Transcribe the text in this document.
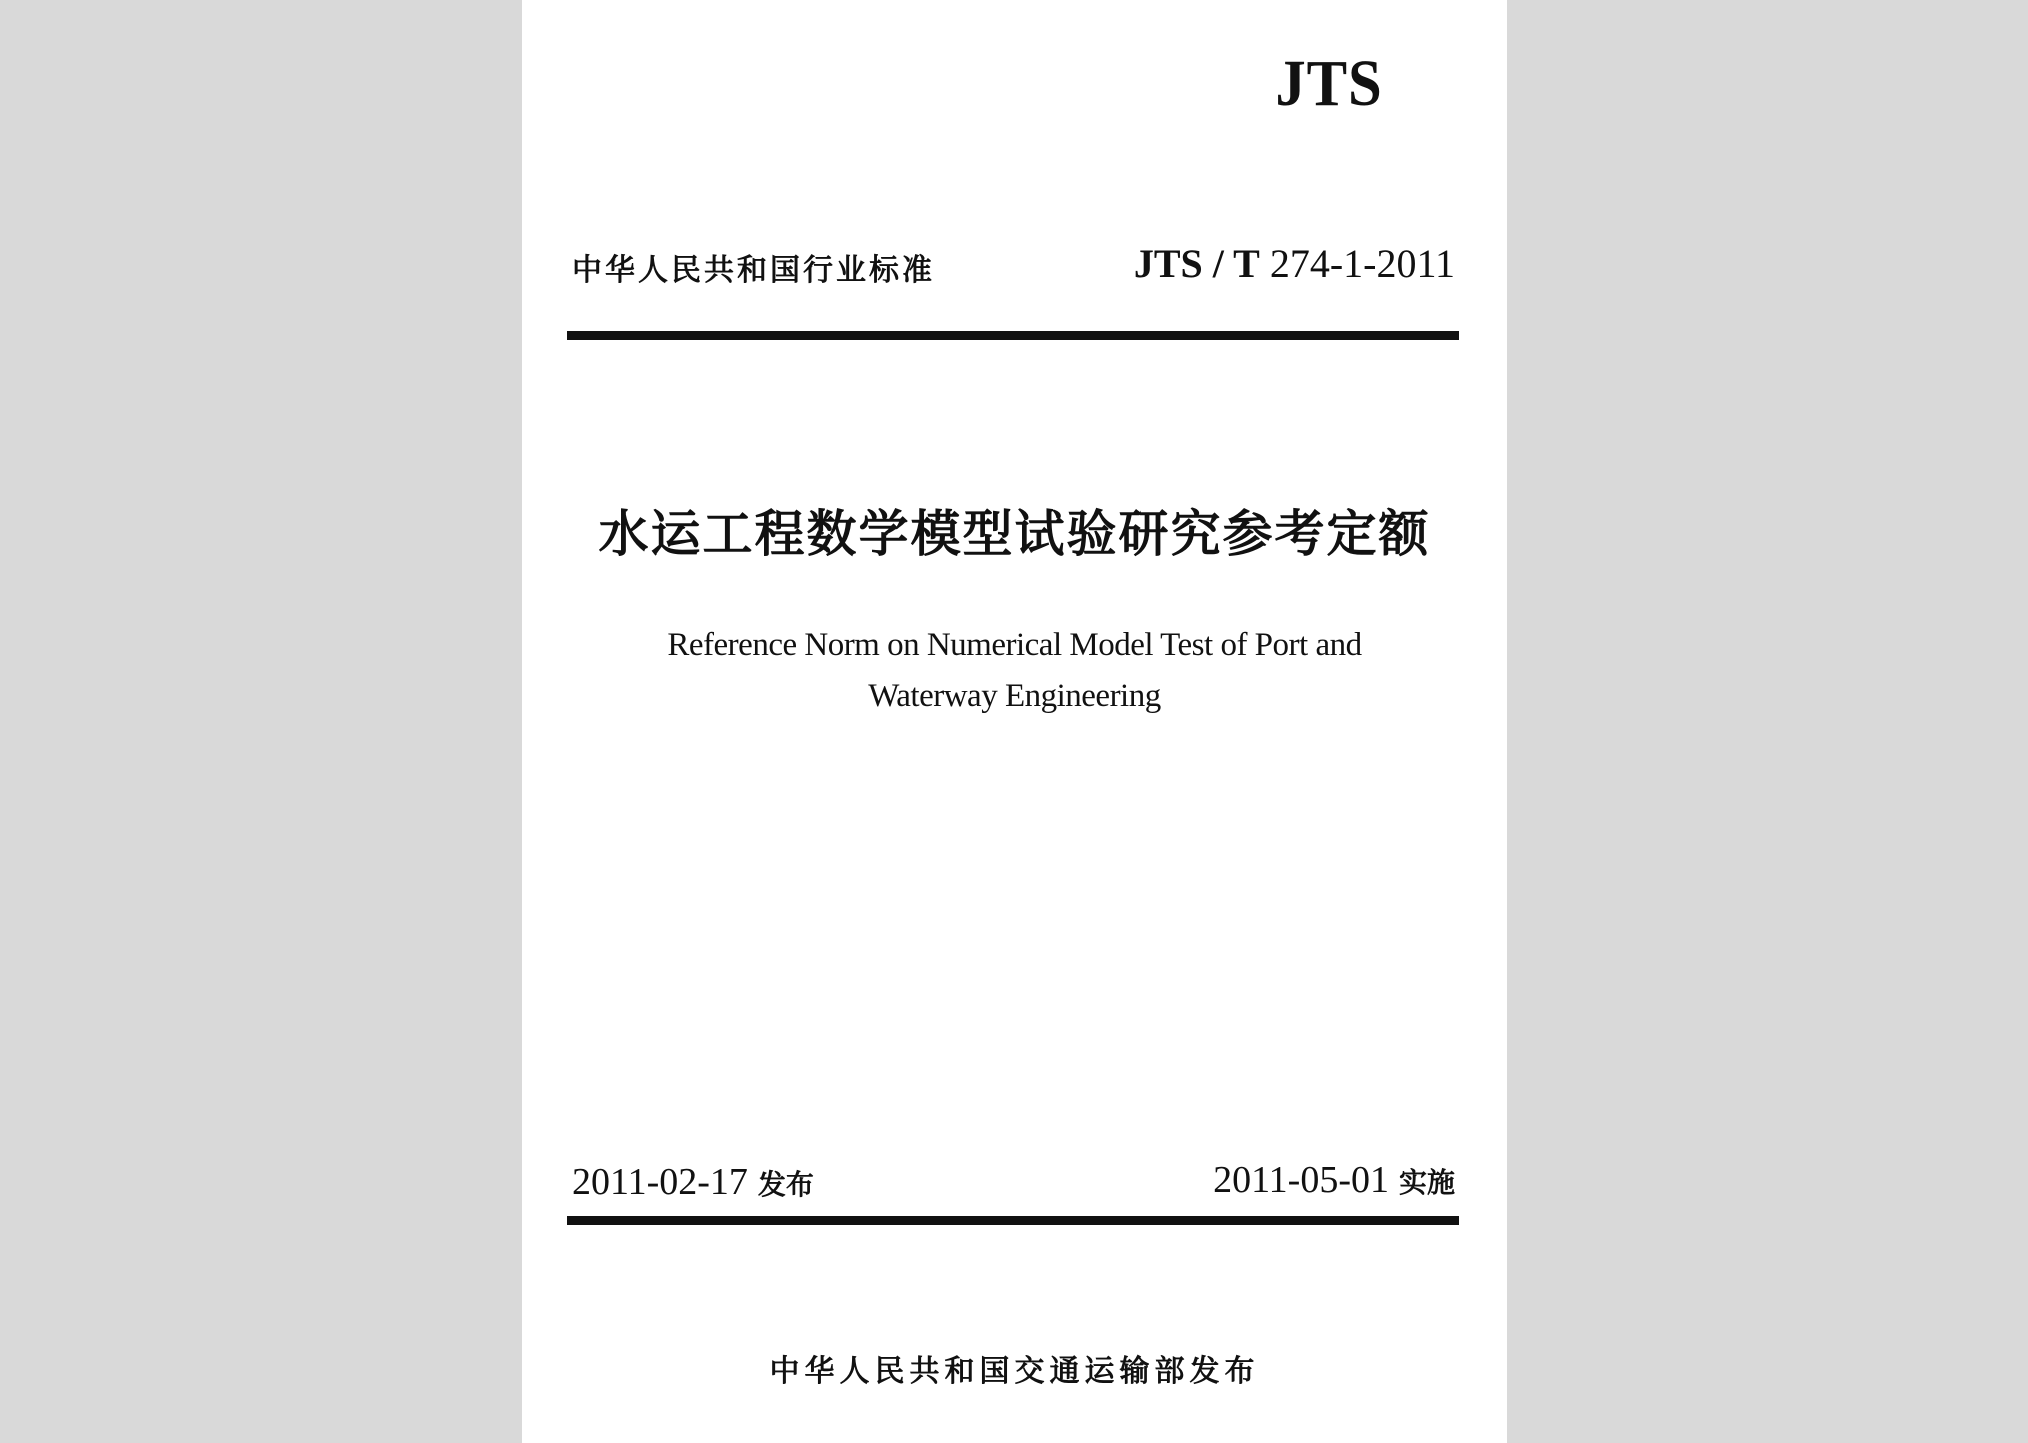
JTS
中华人民共和国行业标准	JTS / T 274-1-2011
水运工程数学模型试验研究参考定额
Reference Norm on Numerical Model Test of Port and
Waterway Engineering
2011-02-17 发布	2011-05-01 实施
中华人民共和国交通运输部发布
